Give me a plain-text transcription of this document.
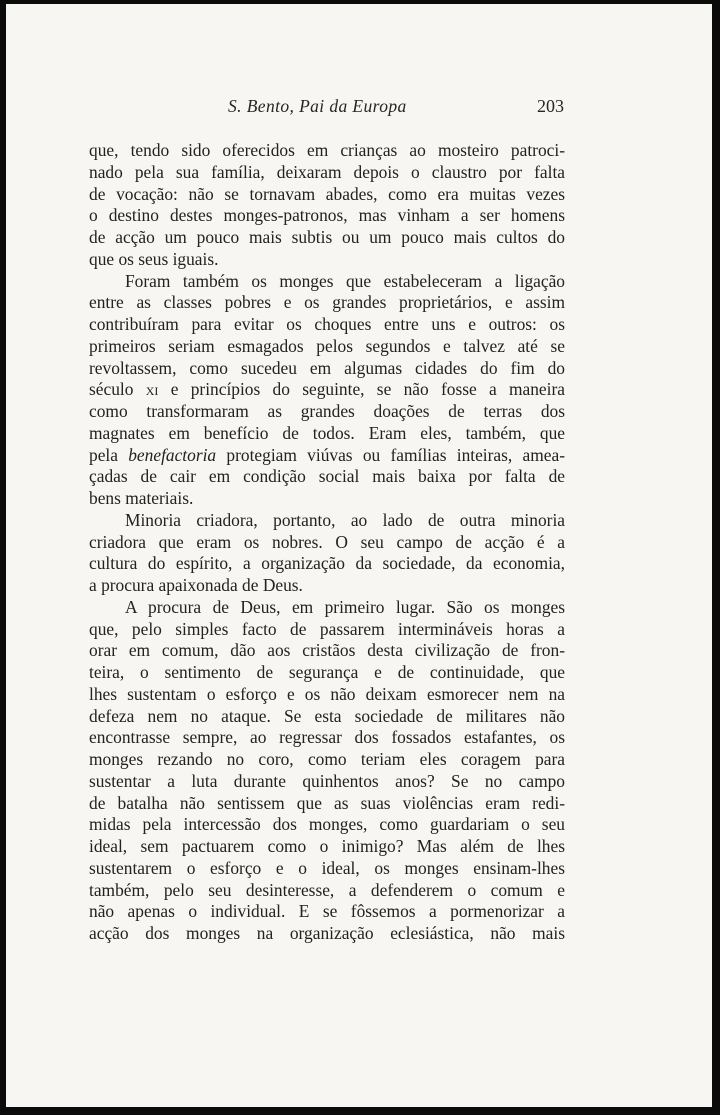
S. Bento, Pai da Europa	203
que, tendo sido oferecidos em crianças ao mosteiro patroci-
nado pela sua família, deixaram depois o claustro por falta
de vocação: não se tornavam abades, como era muitas vezes
o destino destes monges-patronos, mas vinham a ser homens
de acção um pouco mais subtis ou um pouco mais cultos do
que os seus iguais.
Foram também os monges que estabeleceram a ligação
entre as classes pobres e os grandes proprietários, e assim
contribuíram para evitar os choques entre uns e outros: os
primeiros seriam esmagados pelos segundos e talvez até se
revoltassem, como sucedeu em algumas cidades do fim do
século xi e princípios do seguinte, se não fosse a maneira
como transformaram as grandes doações de terras dos
magnates em benefício de todos. Eram eles, também, que
pela benefactoria protegiam viúvas ou famílias inteiras, amea-
çadas de cair em condição social mais baixa por falta de
bens materiais.
Minoria criadora, portanto, ao lado de outra minoria
criadora que eram os nobres. O seu campo de acção é a
cultura do espírito, a organização da sociedade, da economia,
a procura apaixonada de Deus.
A procura de Deus, em primeiro lugar. São os monges
que, pelo simples facto de passarem intermináveis horas a
orar em comum, dão aos cristãos desta civilização de fron-
teira, o sentimento de segurança e de continuidade, que
lhes sustentam o esforço e os não deixam esmorecer nem na
defeza nem no ataque. Se esta sociedade de militares não
encontrasse sempre, ao regressar dos fossados estafantes, os
monges rezando no coro, como teriam eles coragem para
sustentar a luta durante quinhentos anos? Se no campo
de batalha não sentissem que as suas violências eram redi-
midas pela intercessão dos monges, como guardariam o seu
ideal, sem pactuarem como o inimigo? Mas além de lhes
sustentarem o esforço e o ideal, os monges ensinam-lhes
também, pelo seu desinteresse, a defenderem o comum e
não apenas o individual. E se fôssemos a pormenorizar a
acção dos monges na organização eclesiástica, não mais
